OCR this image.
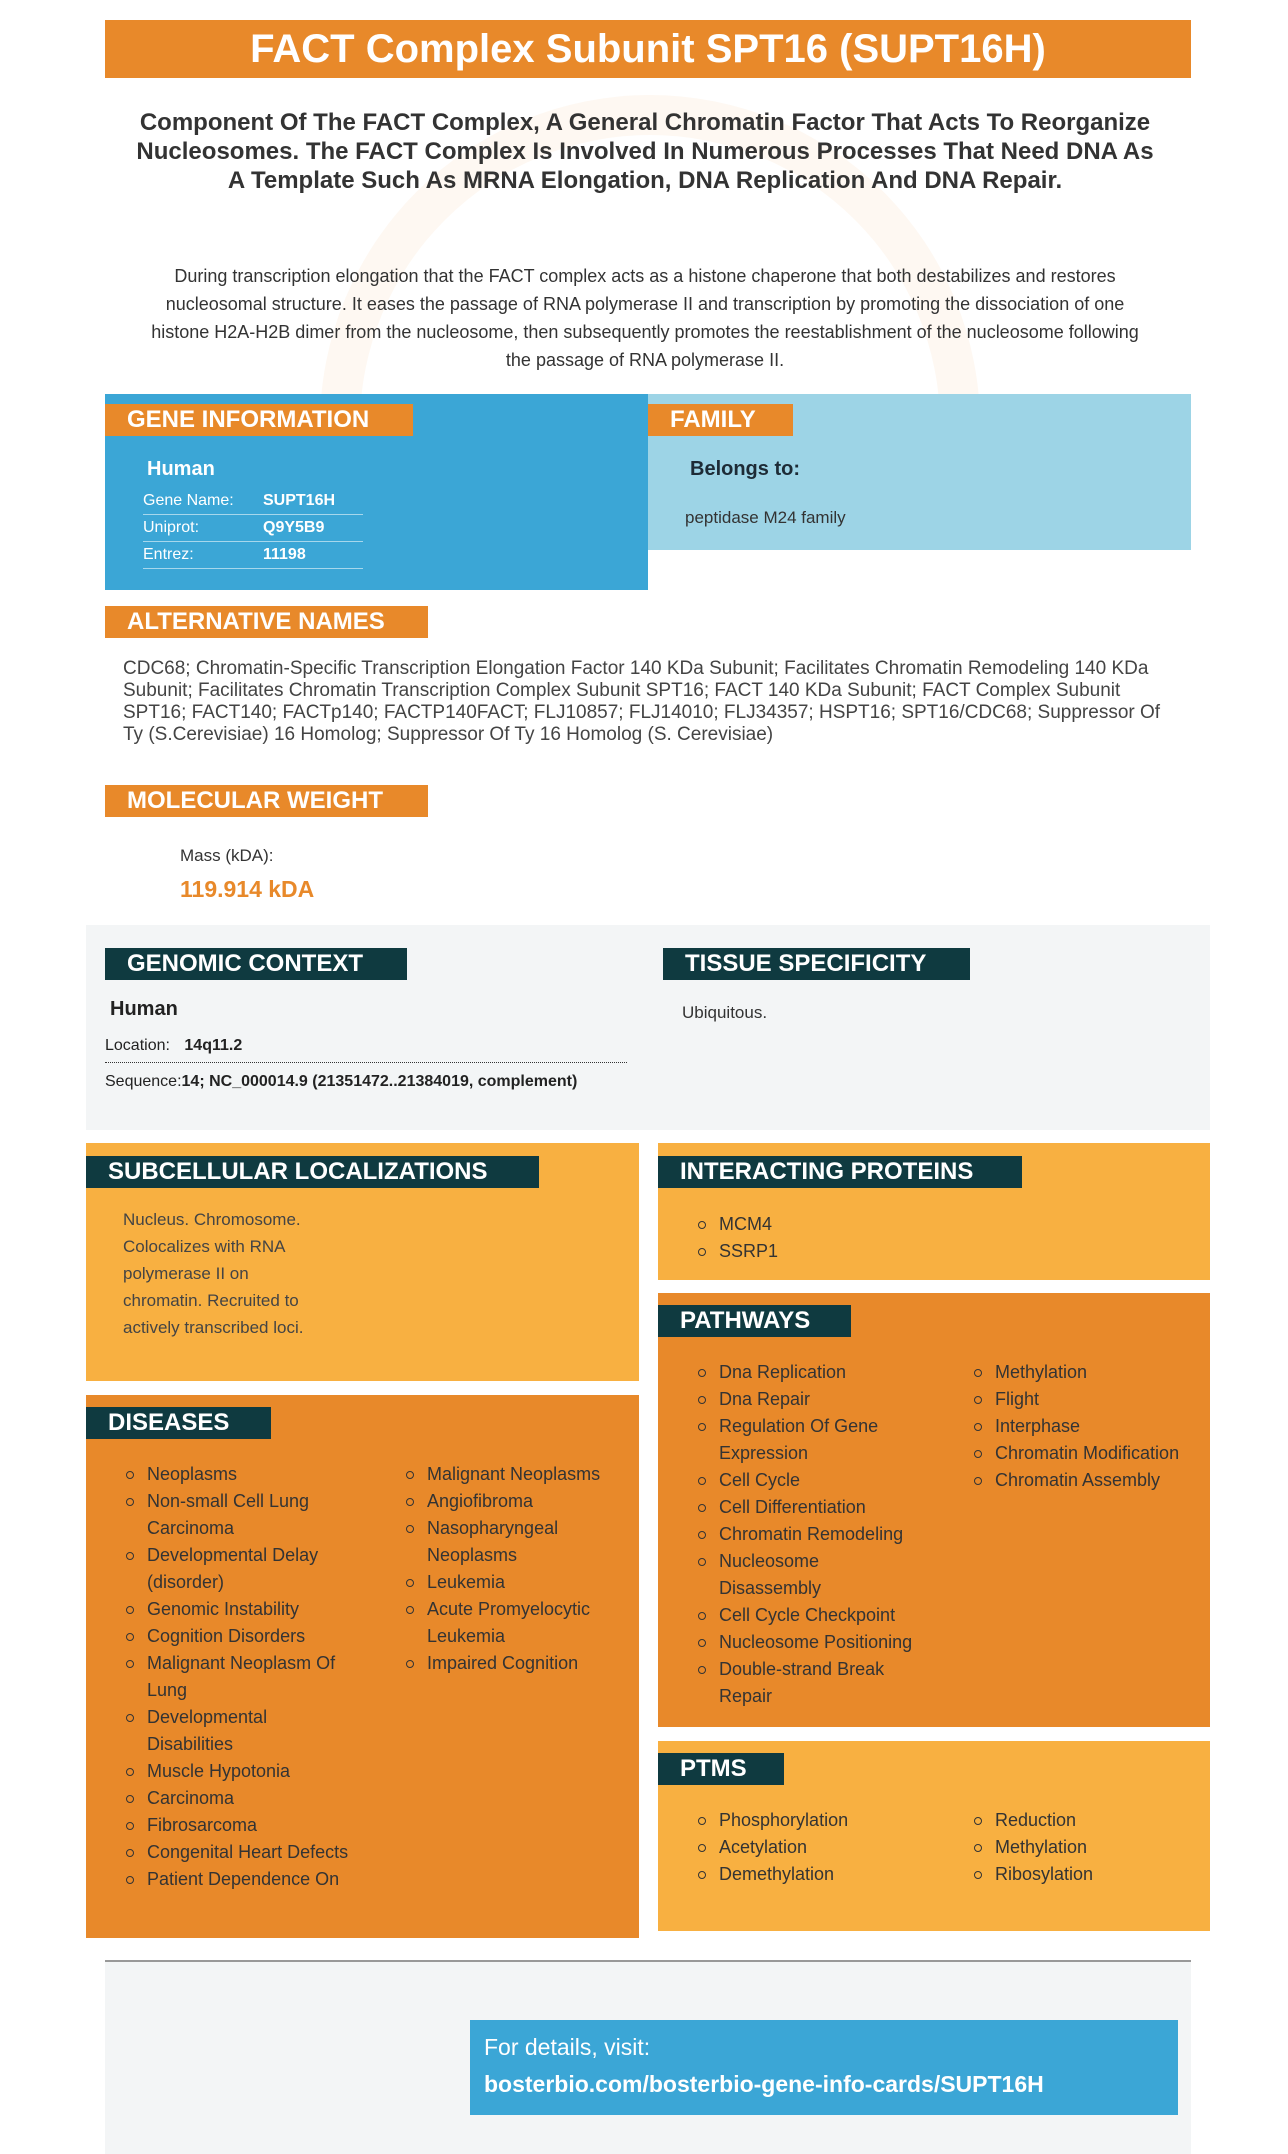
FACT Complex Subunit SPT16 (SUPT16H)
Component Of The FACT Complex, A General Chromatin Factor That Acts To Reorganize Nucleosomes. The FACT Complex Is Involved In Numerous Processes That Need DNA As A Template Such As MRNA Elongation, DNA Replication And DNA Repair.
During transcription elongation that the FACT complex acts as a histone chaperone that both destabilizes and restores nucleosomal structure. It eases the passage of RNA polymerase II and transcription by promoting the dissociation of one histone H2A-H2B dimer from the nucleosome, then subsequently promotes the reestablishment of the nucleosome following the passage of RNA polymerase II.
GENE INFORMATION
Human
Gene Name: SUPT16H
Uniprot:	Q9Y5B9
Entrez:	11198
FAMILY
Belongs to:
peptidase M24 family
ALTERNATIVE NAMES
CDC68; Chromatin-Specific Transcription Elongation Factor 140 KDa Subunit; Facilitates Chromatin Remodeling 140 KDa Subunit; Facilitates Chromatin Transcription Complex Subunit SPT16; FACT 140 KDa Subunit; FACT Complex Subunit SPT16; FACT140; FACTp140; FACTP140FACT; FLJ10857; FLJ14010; FLJ34357; HSPT16; SPT16/CDC68; Suppressor Of Ty (S.Cerevisiae) 16 Homolog; Suppressor Of Ty 16 Homolog (S. Cerevisiae)
MOLECULAR WEIGHT
Mass (kDA):
119.914 kDA
GENOMIC CONTEXT
Human
Location: 14q11.2
Sequence:14; NC_000014.9 (21351472..21384019, complement)
TISSUE SPECIFICITY
Ubiquitous.
SUBCELLULAR LOCALIZATIONS
Nucleus. Chromosome.
Colocalizes with RNA
polymerase II on
chromatin. Recruited to
actively transcribed loci.
DISEASES
Neoplasms
Non-small Cell Lung Carcinoma
Developmental Delay (disorder)
Genomic Instability
Cognition Disorders
Malignant Neoplasm Of Lung
Developmental Disabilities
Muscle Hypotonia
Carcinoma
Fibrosarcoma
Congenital Heart Defects
Patient Dependence On
Malignant Neoplasms
Angiofibroma
Nasopharyngeal Neoplasms
Leukemia
Acute Promyelocytic Leukemia
Impaired Cognition
INTERACTING PROTEINS
MCM4
SSRP1
PATHWAYS
Dna Replication
Dna Repair
Regulation Of Gene Expression
Cell Cycle
Cell Differentiation
Chromatin Remodeling
Nucleosome Disassembly
Cell Cycle Checkpoint
Nucleosome Positioning
Double-strand Break Repair
Methylation
Flight
Interphase
Chromatin Modification
Chromatin Assembly
PTMS
Phosphorylation
Acetylation
Demethylation
Reduction
Methylation
Ribosylation
For details, visit:
bosterbio.com/bosterbio-gene-info-cards/SUPT16H
